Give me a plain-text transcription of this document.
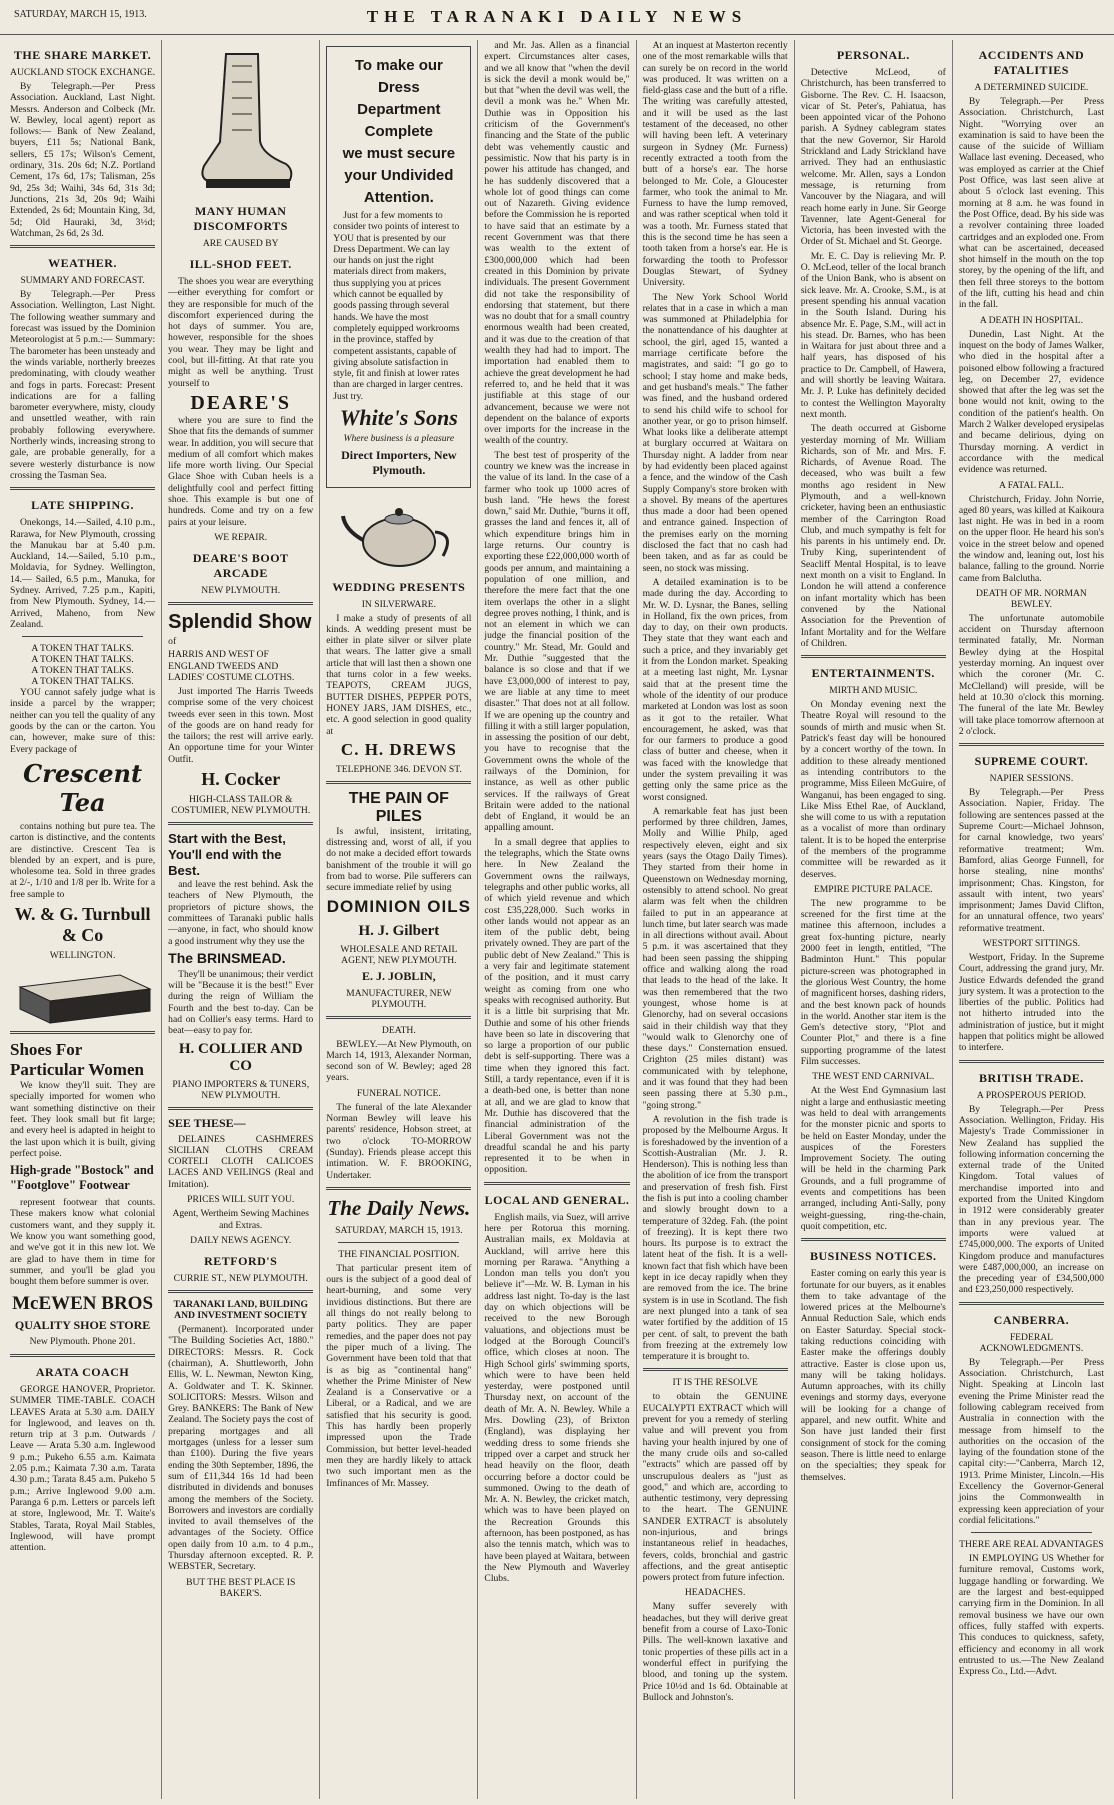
SATURDAY, MARCH 15, 1913.	THE TARANAKI DAILY NEWS
THE SHARE MARKET.
AUCKLAND STOCK EXCHANGE.

By Telegraph.—Per Press Association. Auckland, Last Night. Messrs. Anderson and Colbeck (Mr. W. Bewley, local agent) report as follows:— Bank of New Zealand, buyers, £11 5s; National Bank, sellers, £5 17s; Wilson's Cement, ordinary, 31s. 20s 6d; N.Z. Portland Cement, 17s 6d, 17s; Talisman, 25s 9d, 25s 3d; Waihi, 34s 6d, 31s 3d; Junctions, 21s 3d, 20s 9d; Waihi Extended, 2s 6d; Mountain King, 3d, 5d; Old Hauraki, 3d, 3½d; Watchman, 2s 6d, 2s 3d.

WEATHER.
SUMMARY AND FORECAST.

By Telegraph.—Per Press Association. Wellington, Last Night. The following weather summary and forecast was issued by the Dominion Meteorologist at 5 p.m.:— Summary: The barometer has been unsteady and the winds variable, northerly breezes predominating, with cloudy weather and fogs in parts. Forecast: Present indications are for a falling barometer everywhere, misty, cloudy and unsettled weather, with rain probably following everywhere. Northerly winds, increasing strong to gale, are probable generally, for a severe westerly disturbance is now crossing the Tasman Sea.

LATE SHIPPING.

Onekongs, 14.—Sailed, 4.10 p.m., Rarawa, for New Plymouth, crossing the Manukau bar at 5.40 p.m. Auckland, 14.—Sailed, 5.10 p.m., Moldavia, for Sydney. Wellington, 14.— Sailed, 6.5 p.m., Manuka, for Sydney. Arrived, 7.25 p.m., Kapiti, from New Plymouth. Sydney, 14.—Arrived, Maheno, from New Zealand.

A TOKEN THAT TALKS.
A TOKEN THAT TALKS.
A TOKEN THAT TALKS.
A TOKEN THAT TALKS.

YOU cannot safely judge what is inside a parcel by the wrapper; neither can you tell the quality of any goods by the can or the carton. You can, however, make sure of this: Every package of

Crescent Tea

contains nothing but pure tea. The carton is distinctive, and the contents are distinctive. Crescent Tea is blended by an expert, and is pure, wholesome tea. Sold in three grades at 2/-, 1/10 and 1/8 per lb. Write for a free sample to

W. & G. Turnbull & Co
WELLINGTON.
Shoes For Particular Women

We know they'll suit. They are specially imported for women who want something distinctive on their feet. They look small but fit large; and every heel is adapted in height to the last upon which it is built, giving perfect poise.

High-grade "Bostock" and "Footglove" Footwear

represent footwear that counts. These makers know what colonial customers want, and they supply it. We know you want something good, and we've got it in this new lot. We are glad to have them in time for summer, and you'll be glad you bought them before summer is over.

McEWEN BROS
QUALITY SHOE STORE
New Plymouth. Phone 201.
ARATA COACH

GEORGE HANOVER, Proprietor. SUMMER TIME-TABLE. COACH LEAVES Arata at 5.30 a.m. DAILY for Inglewood, and leaves on th. return trip at 3 p.m. Outwards / Leave — Arata 5.30 a.m. Inglewood 9 p.m.; Pukeho 6.55 a.m. Kaimata 2.05 p.m.; Kaimata 7.30 a.m. Tarata 4.30 p.m.; Tarata 8.45 a.m. Pukeho 5 p.m.; Arrive Inglewood 9.00 a.m. Paranga 6 p.m. Letters or parcels left at store, Inglewood, Mr. T. Waite's Stables, Tarata, Royal Mail Stables, Inglewood, will have prompt attention.

MANY HUMAN DISCOMFORTS
ARE CAUSED BY
ILL-SHOD FEET.

The shoes you wear are everything—either everything for comfort or they are responsible for much of the discomfort experienced during the hot days of summer. You are, however, responsible for the shoes you wear. They may be light and cool, but ill-fitting. At that rate you might as well be anything. Trust yourself to

DEARE'S

where you are sure to find the Shoe that fits the demands of summer wear. In addition, you will secure that medium of all comfort which makes life more worth living. Our Special Glace Shoe with Cuban heels is a delightfully cool and perfect fitting shoe. This example is but one of hundreds. Come and try on a few pairs at your leisure.

WE REPAIR.
DEARE'S BOOT ARCADE
NEW PLYMOUTH.
Splendid Show
of
HARRIS AND WEST OF ENGLAND TWEEDS AND LADIES' COSTUME CLOTHS.

Just imported The Harris Tweeds comprise some of the very choicest tweeds ever seen in this town. Most of the goods are on hand ready for the tailors; the rest will arrive early. An opportune time for your Winter Outfit.

H. Cocker
HIGH-CLASS TAILOR & COSTUMIER, NEW PLYMOUTH.
Start with the Best,
You'll end with the Best.

and leave the rest behind. Ask the teachers of New Plymouth, the proprietors of picture shows, the committees of Taranaki public halls—anyone, in fact, who should know a good instrument why they use the

The BRINSMEAD.

They'll be unanimous; their verdict will be "Because it is the best!" Ever during the reign of William the Fourth and the best to-day. Can be had on Collier's easy terms. Hard to beat—easy to pay for.

H. COLLIER AND CO
PIANO IMPORTERS & TUNERS, NEW PLYMOUTH.
SEE THESE—

DELAINES CASHMERES SICILIAN CLOTHS CREAM CORTELI CLOTH CALICOES LACES AND VEILINGS (Real and Imitation).

PRICES WILL SUIT YOU.
Agent, Wertheim Sewing Machines and Extras.
DAILY NEWS AGENCY.
RETFORD'S
CURRIE ST., NEW PLYMOUTH.
TARANAKI LAND, BUILDING AND INVESTMENT SOCIETY

(Permanent). Incorporated under "The Building Societies Act, 1880." DIRECTORS: Messrs. R. Cock (chairman), A. Shuttleworth, John Ellis, W. L. Newman, Newton King, A. Goldwater and T. K. Skinner. SOLICITORS: Messrs. Wilson and Grey. BANKERS: The Bank of New Zealand. The Society pays the cost of preparing mortgages and all mortgages (unless for a lesser sum than £100). During the five years ending the 30th September, 1896, the sum of £11,344 16s 1d had been distributed in dividends and bonuses among the members of the Society. Borrowers and investors are cordially invited to avail themselves of the advantages of the Society. Office open daily from 10 a.m. to 4 p.m., Thursday afternoon excepted. R. P. WEBSTER, Secretary.

BUT THE BEST PLACE IS BAKER'S.
To make our
Dress
Department
Complete
we must secure
your Undivided
Attention.

Just for a few moments to consider two points of interest to YOU that is presented by our Dress Department. We can lay our hands on just the right materials direct from makers, thus supplying you at prices which cannot be equalled by goods passing through several hands. We have the most completely equipped workrooms in the province, staffed by competent assistants, capable of giving absolute satisfaction in style, fit and finish at lower rates than are charged in larger centres. Just try.

White's Sons
Where business is a pleasure
Direct Importers, New Plymouth.
WEDDING PRESENTS
IN SILVERWARE.

I make a study of presents of all kinds. A wedding present must be either in plate silver or silver plate that wears. The latter give a small article that will last then a shown one that turns color in a few weeks. TEAPOTS, CREAM JUGS, BUTTER DISHES, PEPPER POTS, HONEY JARS, JAM DISHES, etc., etc. A good selection in good quality at

C. H. DREWS
TELEPHONE 346. DEVON ST.
THE PAIN OF PILES

Is awful, insistent, irritating, distressing and, worst of all, if you do not make a decided effort towards banishment of the trouble it will go from bad to worse. Pile sufferers can secure immediate relief by using

DOMINION OILS
H. J. Gilbert
WHOLESALE AND RETAIL AGENT, NEW PLYMOUTH.
E. J. JOBLIN,
MANUFACTURER, NEW PLYMOUTH.
DEATH.

BEWLEY.—At New Plymouth, on March 14, 1913, Alexander Norman, second son of W. Bewley; aged 28 years.

FUNERAL NOTICE.

The funeral of the late Alexander Norman Bewley will leave his parents' residence, Hobson street, at two o'clock TO-MORROW (Sunday). Friends please accept this intimation. W. F. BROOKING, Undertaker.

The Daily News.
SATURDAY, MARCH 15, 1913.
THE FINANCIAL POSITION.

That particular present item of ours is the subject of a good deal of heart-burning, and some very invidious distinctions. But there are all things do not really belong to party politics. They are paper remedies, and the paper does not pay the piper much of a living. The Government have been told that that is as big as "continental hang" whether the Prime Minister of New Zealand is a Conservative or a Liberal, or a Radical, and we are satisfied that his security is good. This has hardly been properly impressed upon the Trade Commission, but better level-headed men they are hardly likely to attack two such important men as the Imfinances of Mr. Massey.

and Mr. Jas. Allen as a financial expert. Circumstances alter cases, and we all know that "when the devil is sick the devil a monk would be," but that "when the devil was well, the devil a monk was he." When Mr. Duthie was in Opposition his criticism of the Government's financing and the State of the public debt was vehemently caustic and pessimistic. Now that his party is in power his attitude has changed, and he has suddenly discovered that a whole lot of good things can come out of Nazareth. Giving evidence before the Commission he is reported to have said that an estimate by a recent Government was that there was wealth to the extent of £300,000,000 which had been created in this Dominion by private individuals. The present Government did not take the responsibility of endorsing that statement, but there was no doubt that for a small country enormous wealth had been created, and it was due to the creation of that wealth they had had to import. The importation had enabled them to achieve the great development he had referred to, and he held that it was justifiable at this stage of our advancement, because we were not dependent on the balance of exports over imports for the increase in the wealth of the country.

The best test of prosperity of the country we knew was the increase in the value of its land. In the case of a farmer who took up 1000 acres of bush land. "He hews the forest down," said Mr. Duthie, "burns it off, grasses the land and fences it, all of which expenditure brings him in large returns. Our country is exporting these £22,000,000 worth of goods per annum, and maintaining a population of one million, and therefore the mere fact that the one item overlaps the other in a slight degree proves nothing, I think, and is not an element in which we can judge the financial position of the country." Mr. Stead, Mr. Gould and Mr. Duthie "suggested that the balance is so close and that if we have £3,000,000 of interest to pay, we are liable at any time to meet disaster." That does not at all follow. If we are opening up the country and filling it with a still larger population, in assessing the position of our debt, you have to recognise that the Government owns the whole of the railways of the Dominion, for instance, as well as other public services. If the railways of Great Britain were added to the national debt of England, it would be an appalling amount.

In a small degree that applies to the telegraphs, which the State owns here. In New Zealand the Government owns the railways, telegraphs and other public works, all of which yield revenue and which cost £35,228,000. Such works in other lands would not appear as an item of the public debt, being privately owned. They are part of the public debt of New Zealand." This is a very fair and legitimate statement of the position, and it must carry weight as coming from one who speaks with recognised authority. But it is a little bit surprising that Mr. Duthie and some of his other friends have been so late in discovering that so large a proportion of our public debt is self-supporting. There was a time when they ignored this fact. Still, a tardy repentance, even if it is a death-bed one, is better than none at all, and we are glad to know that Mr. Duthie has discovered that the financial administration of the Liberal Government was not the dreadful scandal he and his party represented it to be when in opposition.

LOCAL AND GENERAL.

English mails, via Suez, will arrive here per Rotorua this morning. Australian mails, ex Moldavia at Auckland, will arrive here this morning per Rarawa. "Anything a London man tells you don't you believe it"—Mr. W. B. Lyman in his address last night. To-day is the last day on which objections will be received to the new Borough valuations, and objections must be lodged at the Borough Council's office, which closes at noon. The High School girls' swimming sports, which were to have been held yesterday, were postponed until Thursday next, on account of the death of Mr. A. N. Bewley. While a Mrs. Dowling (23), of Brixton (England), was displaying her wedding dress to some friends she tripped over a carpet and struck her head heavily on the floor, death occurring before a doctor could be summoned. Owing to the death of Mr. A. N. Bewley, the cricket match, which was to have been played on the Recreation Grounds this afternoon, has been postponed, as has also the tennis match, which was to have been played at Waitara, between the New Plymouth and Waverley Clubs.

At an inquest at Masterton recently one of the most remarkable wills that can surely be on record in the world was produced. It was written on a field-glass case and the butt of a rifle. The writing was carefully attested, and it will be used as the last testament of the deceased, no other will having been left. A veterinary surgeon in Sydney (Mr. Furness) recently extracted a tooth from the butt of a horse's ear. The horse belonged to Mr. Cole, a Gloucester farmer, who took the animal to Mr. Furness to have the lump removed, and was rather sceptical when told it was a tooth. Mr. Furness stated that this is the second time he has seen a tooth taken from a horse's ear. He is forwarding the tooth to Professor Douglas Stewart, of Sydney University.

The New York School World relates that in a case in which a man was summoned at Philadelphia for the nonattendance of his daughter at school, the girl, aged 15, wanted a marriage certificate before the magistrates, and said: "I go go to school; I stay home and make beds, and get husband's meals." The father was fined, and the husband ordered to send his child wife to school for another year, or go to prison himself. What looks like a deliberate attempt at burglary occurred at Waitara on Thursday night. A ladder from near by had evidently been placed against a fence, and the window of the Cash Supply Company's store broken with a shovel. By means of the apertures thus made a door had been opened and entrance gained. Inspection of the premises early on the morning disclosed the fact that no cash had been taken, and as far as could be seen, no stock was missing.

A detailed examination is to be made during the day. According to Mr. W. D. Lysnar, the Banes, selling in Holland, fix the own prices, from day to day, on their own products. They state that they want each and such a price, and they invariably get it from the London market. Speaking at a meeting last night, Mr. Lysnar said that at the present time the whole of the identity of our produce marketed at London was lost as soon as it got to the retailer. What encouragement, he asked, was that for our farmers to produce a good class of butter and cheese, when it was faced with the knowledge that under the system prevailing it was getting only the same price as the worst consigned.

A remarkable feat has just been performed by three children, James, Molly and Willie Philp, aged respectively eleven, eight and six years (says the Otago Daily Times). They started from their home in Queenstown on Wednesday morning, ostensibly to attend school. No great alarm was felt when the children failed to put in an appearance at lunch time, but later search was made in all directions without avail. About 5 p.m. it was ascertained that they had been seen passing the shipping office and walking along the road that leads to the head of the lake. It was then remembered that the two youngest, whose home is at Glenorchy, had on several occasions said in their childish way that they "would walk to Glenorchy one of these days." Consternation ensued. Crighton (25 miles distant) was communicated with by telephone, and it was found that they had been seen passing there at 5.30 p.m., "going strong."

A revolution in the fish trade is proposed by the Melbourne Argus. It is foreshadowed by the invention of a Scottish-Australian (Mr. J. R. Henderson). This is nothing less than the abolition of ice from the transport and preservation of fresh fish. First the fish is put into a cooling chamber and slowly brought down to a temperature of 32deg. Fah. (the point of freezing). It is kept there two hours. Its purpose is to extract the latent heat of the fish. It is a well-known fact that fish which have been kept in ice decay rapidly when they are removed from the ice. The brine system is in use in Scotland. The fish are next plunged into a tank of sea water fortified by the addition of 15 per cent. of salt, to prevent the bath from freezing at the extremely low temperature it is brought to.

IT IS THE RESOLVE

to obtain the GENUINE EUCALYPTI EXTRACT which will prevent for you a remedy of sterling value and will prevent you from having your health injured by one of the many crude oils and so-called "extracts" which are passed off by unscrupulous dealers as "just as good," and which are, according to authentic testimony, very depressing to the heart. The GENUINE SANDER EXTRACT is absolutely non-injurious, and brings instantaneous relief in headaches, fevers, colds, bronchial and gastric affections, and the great antiseptic powers protect from future infection.

HEADACHES.

Many suffer severely with headaches, but they will derive great benefit from a course of Laxo-Tonic Pills. The well-known laxative and tonic properties of these pills act in a wonderful effect in purifying the blood, and toning up the system. Price 10½d and 1s 6d. Obtainable at Bullock and Johnston's.

PERSONAL.

Detective McLeod, of Christchurch, has been transferred to Gisborne. The Rev. C. H. Isaacson, vicar of St. Peter's, Pahiatua, has been appointed vicar of the Pohono parish. A Sydney cablegram states that the new Governor, Sir Harold Strickland and Lady Strickland have arrived. They had an enthusiastic welcome. Mr. Allen, says a London message, is returning from Vancouver by the Niagara, and will reach home early in June. Sir George Tavenner, late Agent-General for Victoria, has been invested with the Order of St. Michael and St. George.

Mr. E. C. Day is relieving Mr. P. O. McLeod, teller of the local branch of the Union Bank, who is absent on sick leave. Mr. A. Crooke, S.M., is at present spending his annual vacation in the South Island. During his absence Mr. E. Page, S.M., will act in his stead. Dr. Barnes, who has been in Waitara for just about three and a half years, has disposed of his practice to Dr. Campbell, of Hawera, and will shortly be leaving Waitara. Mr. J. P. Luke has definitely decided to contest the Wellington Mayoralty next month.

The death occurred at Gisborne yesterday morning of Mr. William Richards, son of Mr. and Mrs. F. Richards, of Avenue Road. The deceased, who was built a few months ago resident in New Plymouth, and a well-known cricketer, having been an enthusiastic member of the Carrington Road Club, and much sympathy is felt for his parents in his untimely end. Dr. Truby King, superintendent of Seacliff Mental Hospital, is to leave next month on a visit to England. In London he will attend a conference on infant mortality which has been convened by the National Association for the Prevention of Infant Mortality and for the Welfare of Children.

ENTERTAINMENTS.
MIRTH AND MUSIC.

On Monday evening next the Theatre Royal will resound to the sounds of mirth and music when St. Patrick's feast day will be honoured by a concert worthy of the town. In addition to these already mentioned as intending contributors to the programme, Miss Eileen McGuire, of Wanganui, has been engaged to sing. Like Miss Ethel Rae, of Auckland, she will come to us with a reputation as a vocalist of more than ordinary talent. It is to be hoped the enterprise of the members of the programme committee will be rewarded as it deserves.

EMPIRE PICTURE PALACE.

The new programme to be screened for the first time at the matinee this afternoon, includes a great fox-hunting picture, nearly 2000 feet in length, entitled, "The Badminton Hunt." This popular picture-screen was photographed in the glorious West Country, the home of magnificent horses, dashing riders, and the best known pack of hounds in the world. Another star item is the Gem's detective story, "Plot and Counter Plot," and there is a fine supporting programme of the latest Film successes.

THE WEST END CARNIVAL.

At the West End Gymnasium last night a large and enthusiastic meeting was held to deal with arrangements for the monster picnic and sports to be held on Easter Monday, under the auspices of the Foresters Improvement Society. The outing will be held in the charming Park Grounds, and a full programme of events and competitions has been arranged, including Anti-Sally, pony weight-guessing, ring-the-chain, quoit competition, etc.

BUSINESS NOTICES.

Easter coming on early this year is fortunate for our buyers, as it enables them to take advantage of the lowered prices at the Melbourne's Annual Reduction Sale, which ends on Easter Saturday. Special stock-taking reductions coinciding with Easter make the offerings doubly attractive. Easter is close upon us, many will be taking holidays. Autumn approaches, with its chilly evenings and stormy days, everyone will be looking for a change of apparel, and new outfit. White and Son have just landed their first consignment of stock for the coming season. There is little need to enlarge on the specialties; they speak for themselves.

ACCIDENTS AND FATALITIES
A DETERMINED SUICIDE.

By Telegraph.—Per Press Association. Christchurch, Last Night. "Worrying over an examination is said to have been the cause of the suicide of William Wallace last evening. Deceased, who was employed as carrier at the Chief Post Office, was last seen alive at about 5 o'clock last evening. This morning at 8 a.m. he was found in the Post Office, dead. By his side was a revolver containing three loaded cartridges and an exploded one. From what can be ascertained, deceased shot himself in the mouth on the top storey, by the opening of the lift, and then fell three storeys to the bottom of the lift, cutting his head and chin in the fall.

A DEATH IN HOSPITAL.

Dunedin, Last Night. At the inquest on the body of James Walker, who died in the hospital after a poisoned elbow following a fractured leg, on December 27, evidence showed that after the leg was set the bone would not knit, owing to the condition of the patient's health. On March 2 Walker developed erysipelas and became delirious, dying on Thursday morning. A verdict in accordance with the medical evidence was returned.

A FATAL FALL.

Christchurch, Friday. John Norrie, aged 80 years, was killed at Kaikoura last night. He was in bed in a room on the upper floor. He heard his son's voice in the street below and opened the window and, leaning out, lost his balance, falling to the ground. Norrie came from Balclutha.

DEATH OF MR. NORMAN BEWLEY.

The unfortunate automobile accident on Thursday afternoon terminated fatally, Mr. Norman Bewley dying at the Hospital yesterday morning. An inquest over which the coroner (Mr. C. McClelland) will preside, will be held at 10.30 o'clock this morning. The funeral of the late Mr. Bewley will take place tomorrow afternoon at 2 o'clock.

SUPREME COURT.
NAPIER SESSIONS.

By Telegraph.—Per Press Association. Napier, Friday. The following are sentences passed at the Supreme Court:—Michael Johnson, for carnal knowledge, two years' reformative treatment; Wm. Bamford, alias George Funnell, for horse stealing, nine months' imprisonment; Chas. Kingston, for assault with intent, two years' imprisonment; James David Clifton, for an unnatural offence, two years' reformative treatment.

WESTPORT SITTINGS.

Westport, Friday. In the Supreme Court, addressing the grand jury, Mr. Justice Edwards defended the grand jury system. It was a protection to the liberties of the public. Politics had not hitherto intruded into the administration of justice, but it might happen that politics might be allowed to interfere.

BRITISH TRADE.
A PROSPEROUS PERIOD.

By Telegraph.—Per Press Association. Wellington, Friday. His Majesty's Trade Commissioner in New Zealand has supplied the following information concerning the external trade of the United Kingdom. Total values of merchandise imported into and exported from the United Kingdom in 1912 were considerably greater than in any previous year. The imports were valued at £745,000,000. The exports of United Kingdom produce and manufactures were £487,000,000, an increase on the preceding year of £34,500,000 and £23,250,000 respectively.

CANBERRA.
FEDERAL ACKNOWLEDGMENTS.

By Telegraph.—Per Press Association. Christchurch, Last Night. Speaking at Lincoln last evening the Prime Minister read the following cablegram received from Australia in connection with the message from himself to the authorities on the occasion of the laying of the foundation stone of the capital city:—"Canberra, March 12, 1913. Prime Minister, Lincoln.—His Excellency the Governor-General joins the Commonwealth in expressing keen appreciation of your cordial felicitations."

THERE ARE REAL ADVANTAGES

IN EMPLOYING US Whether for furniture removal, Customs work, luggage handling or forwarding. We are the largest and best-equipped carrying firm in the Dominion. In all removal business we have our own offices, fully staffed with experts. This conduces to quickness, safety, efficiency and economy in all work entrusted to us.—The New Zealand Express Co., Ltd.—Advt.
